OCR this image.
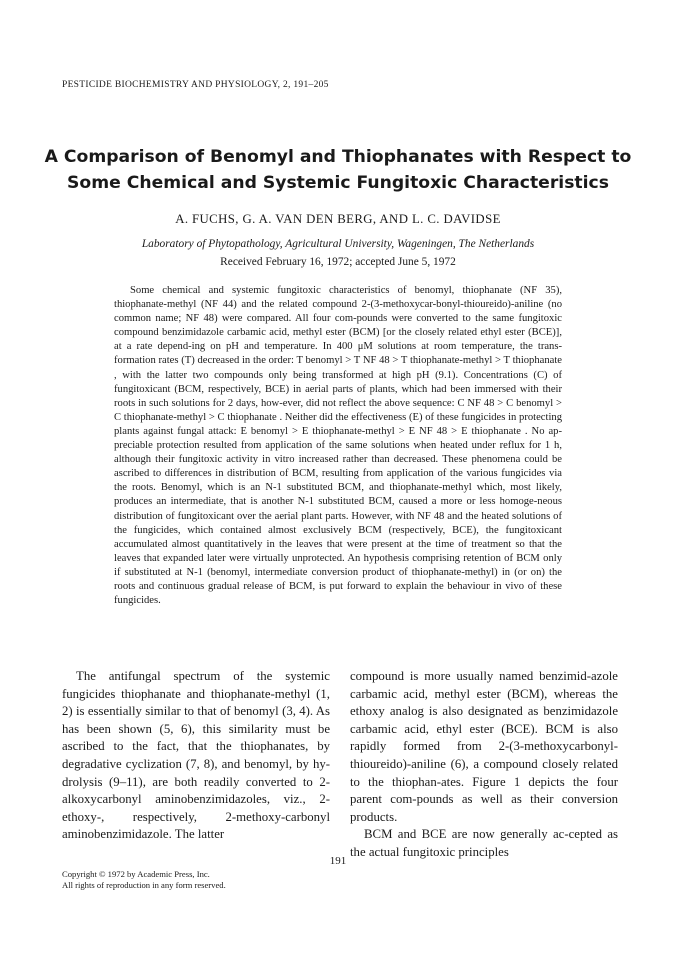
PESTICIDE BIOCHEMISTRY AND PHYSIOLOGY, 2, 191–205
A Comparison of Benomyl and Thiophanates with Respect to Some Chemical and Systemic Fungitoxic Characteristics
A. FUCHS, G. A. VAN DEN BERG, AND L. C. DAVIDSE
Laboratory of Phytopathology, Agricultural University, Wageningen, The Netherlands
Received February 16, 1972; accepted June 5, 1972
Some chemical and systemic fungitoxic characteristics of benomyl, thiophanate (NF 35), thiophanate-methyl (NF 44) and the related compound 2-(3-methoxycar-bonyl-thioureido)-aniline (no common name; NF 48) were compared. All four com-pounds were converted to the same fungitoxic compound benzimidazole carbamic acid, methyl ester (BCM) [or the closely related ethyl ester (BCE)], at a rate depend-ing on pH and temperature. In 400 μM solutions at room temperature, the trans-formation rates (T) decreased in the order: T benomyl > T NF 48 > T thiophanate-methyl > T thiophanate , with the latter two compounds only being transformed at high pH (9.1). Concentrations (C) of fungitoxicant (BCM, respectively, BCE) in aerial parts of plants, which had been immersed with their roots in such solutions for 2 days, how-ever, did not reflect the above sequence: C NF 48 > C benomyl > C thiophanate-methyl > C thiophanate . Neither did the effectiveness (E) of these fungicides in protecting plants against fungal attack: E benomyl > E thiophanate-methyl > E NF 48 > E thiophanate . No ap-preciable protection resulted from application of the same solutions when heated under reflux for 1 h, although their fungitoxic activity in vitro increased rather than decreased. These phenomena could be ascribed to differences in distribution of BCM, resulting from application of the various fungicides via the roots. Benomyl, which is an N-1 substituted BCM, and thiophanate-methyl which, most likely, produces an intermediate, that is another N-1 substituted BCM, caused a more or less homoge-neous distribution of fungitoxicant over the aerial plant parts. However, with NF 48 and the heated solutions of the fungicides, which contained almost exclusively BCM (respectively, BCE), the fungitoxicant accumulated almost quantitatively in the leaves that were present at the time of treatment so that the leaves that expanded later were virtually unprotected. An hypothesis comprising retention of BCM only if substituted at N-1 (benomyl, intermediate conversion product of thiophanate-methyl) in (or on) the roots and continuous gradual release of BCM, is put forward to explain the behaviour in vivo of these fungicides.

The antifungal spectrum of the systemic fungicides thiophanate and thiophanate-methyl (1, 2) is essentially similar to that of benomyl (3, 4). As has been shown (5, 6), this similarity must be ascribed to the fact, that the thiophanates, by degradative cyclization (7, 8), and benomyl, by hy-drolysis (9–11), are both readily converted to 2-alkoxycarbonyl aminobenzimidazoles, viz., 2-ethoxy-, respectively, 2-methoxy-carbonyl aminobenzimidazole. The latter

compound is more usually named benzimid-azole carbamic acid, methyl ester (BCM), whereas the ethoxy analog is also designated as benzimidazole carbamic acid, ethyl ester (BCE). BCM is also rapidly formed from 2-(3-methoxycarbonyl-thioureido)-aniline (6), a compound closely related to the thiophan-ates. Figure 1 depicts the four parent com-pounds as well as their conversion products.

BCM and BCE are now generally ac-cepted as the actual fungitoxic principles

191
Copyright © 1972 by Academic Press, Inc.
All rights of reproduction in any form reserved.
